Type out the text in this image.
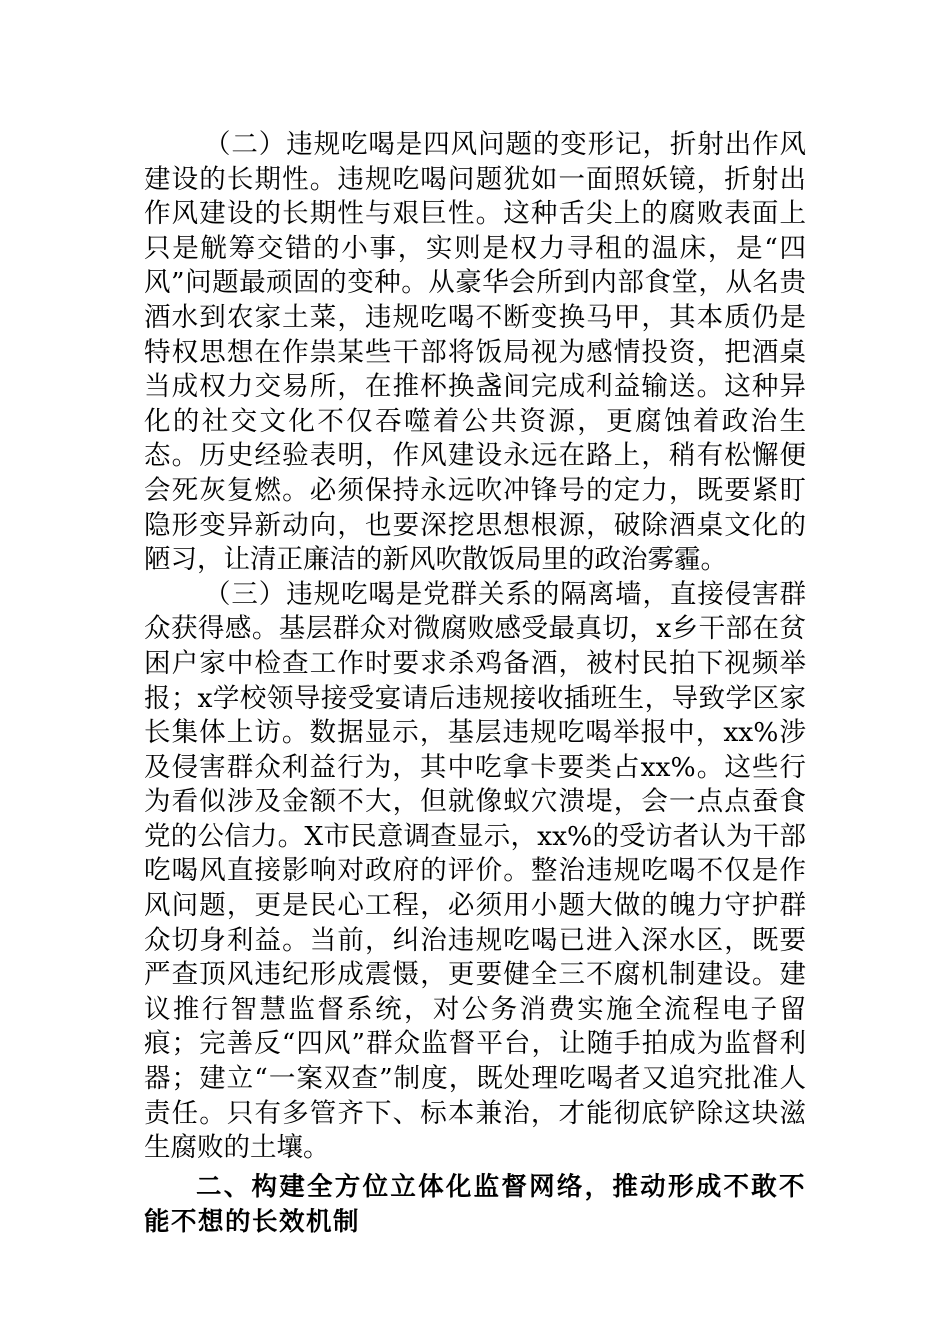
（二）违规吃喝是四风问题的变形记，折射出作风建设的长期性。违规吃喝问题犹如一面照妖镜，折射出作风建设的长期性与艰巨性。这种舌尖上的腐败表面上只是觥筹交错的小事，实则是权力寻租的温床，是“四风”问题最顽固的变种。从豪华会所到内部食堂，从名贵酒水到农家土菜，违规吃喝不断变换马甲，其本质仍是特权思想在作祟某些干部将饭局视为感情投资，把酒桌当成权力交易所，在推杯换盏间完成利益输送。这种异化的社交文化不仅吞噬着公共资源，更腐蚀着政治生态。历史经验表明，作风建设永远在路上，稍有松懈便会死灰复燃。必须保持永远吹冲锋号的定力，既要紧盯隐形变异新动向，也要深挖思想根源，破除酒桌文化的陋习，让清正廉洁的新风吹散饭局里的政治雾霾。

（三）违规吃喝是党群关系的隔离墙，直接侵害群众获得感。基层群众对微腐败感受最真切，x乡干部在贫困户家中检查工作时要求杀鸡备酒，被村民拍下视频举报；x学校领导接受宴请后违规接收插班生，导致学区家长集体上访。数据显示，基层违规吃喝举报中，xx%涉及侵害群众利益行为，其中吃拿卡要类占xx%。这些行为看似涉及金额不大，但就像蚁穴溃堤，会一点点蚕食党的公信力。X市民意调查显示，xx%的受访者认为干部吃喝风直接影响对政府的评价。整治违规吃喝不仅是作风问题，更是民心工程，必须用小题大做的魄力守护群众切身利益。当前，纠治违规吃喝已进入深水区，既要严查顶风违纪形成震慑，更要健全三不腐机制建设。建议推行智慧监督系统，对公务消费实施全流程电子留痕；完善反“四风”群众监督平台，让随手拍成为监督利器；建立“一案双查”制度，既处理吃喝者又追究批准人责任。只有多管齐下、标本兼治，才能彻底铲除这块滋生腐败的土壤。

二、构建全方位立体化监督网络，推动形成不敢不能不想的长效机制
